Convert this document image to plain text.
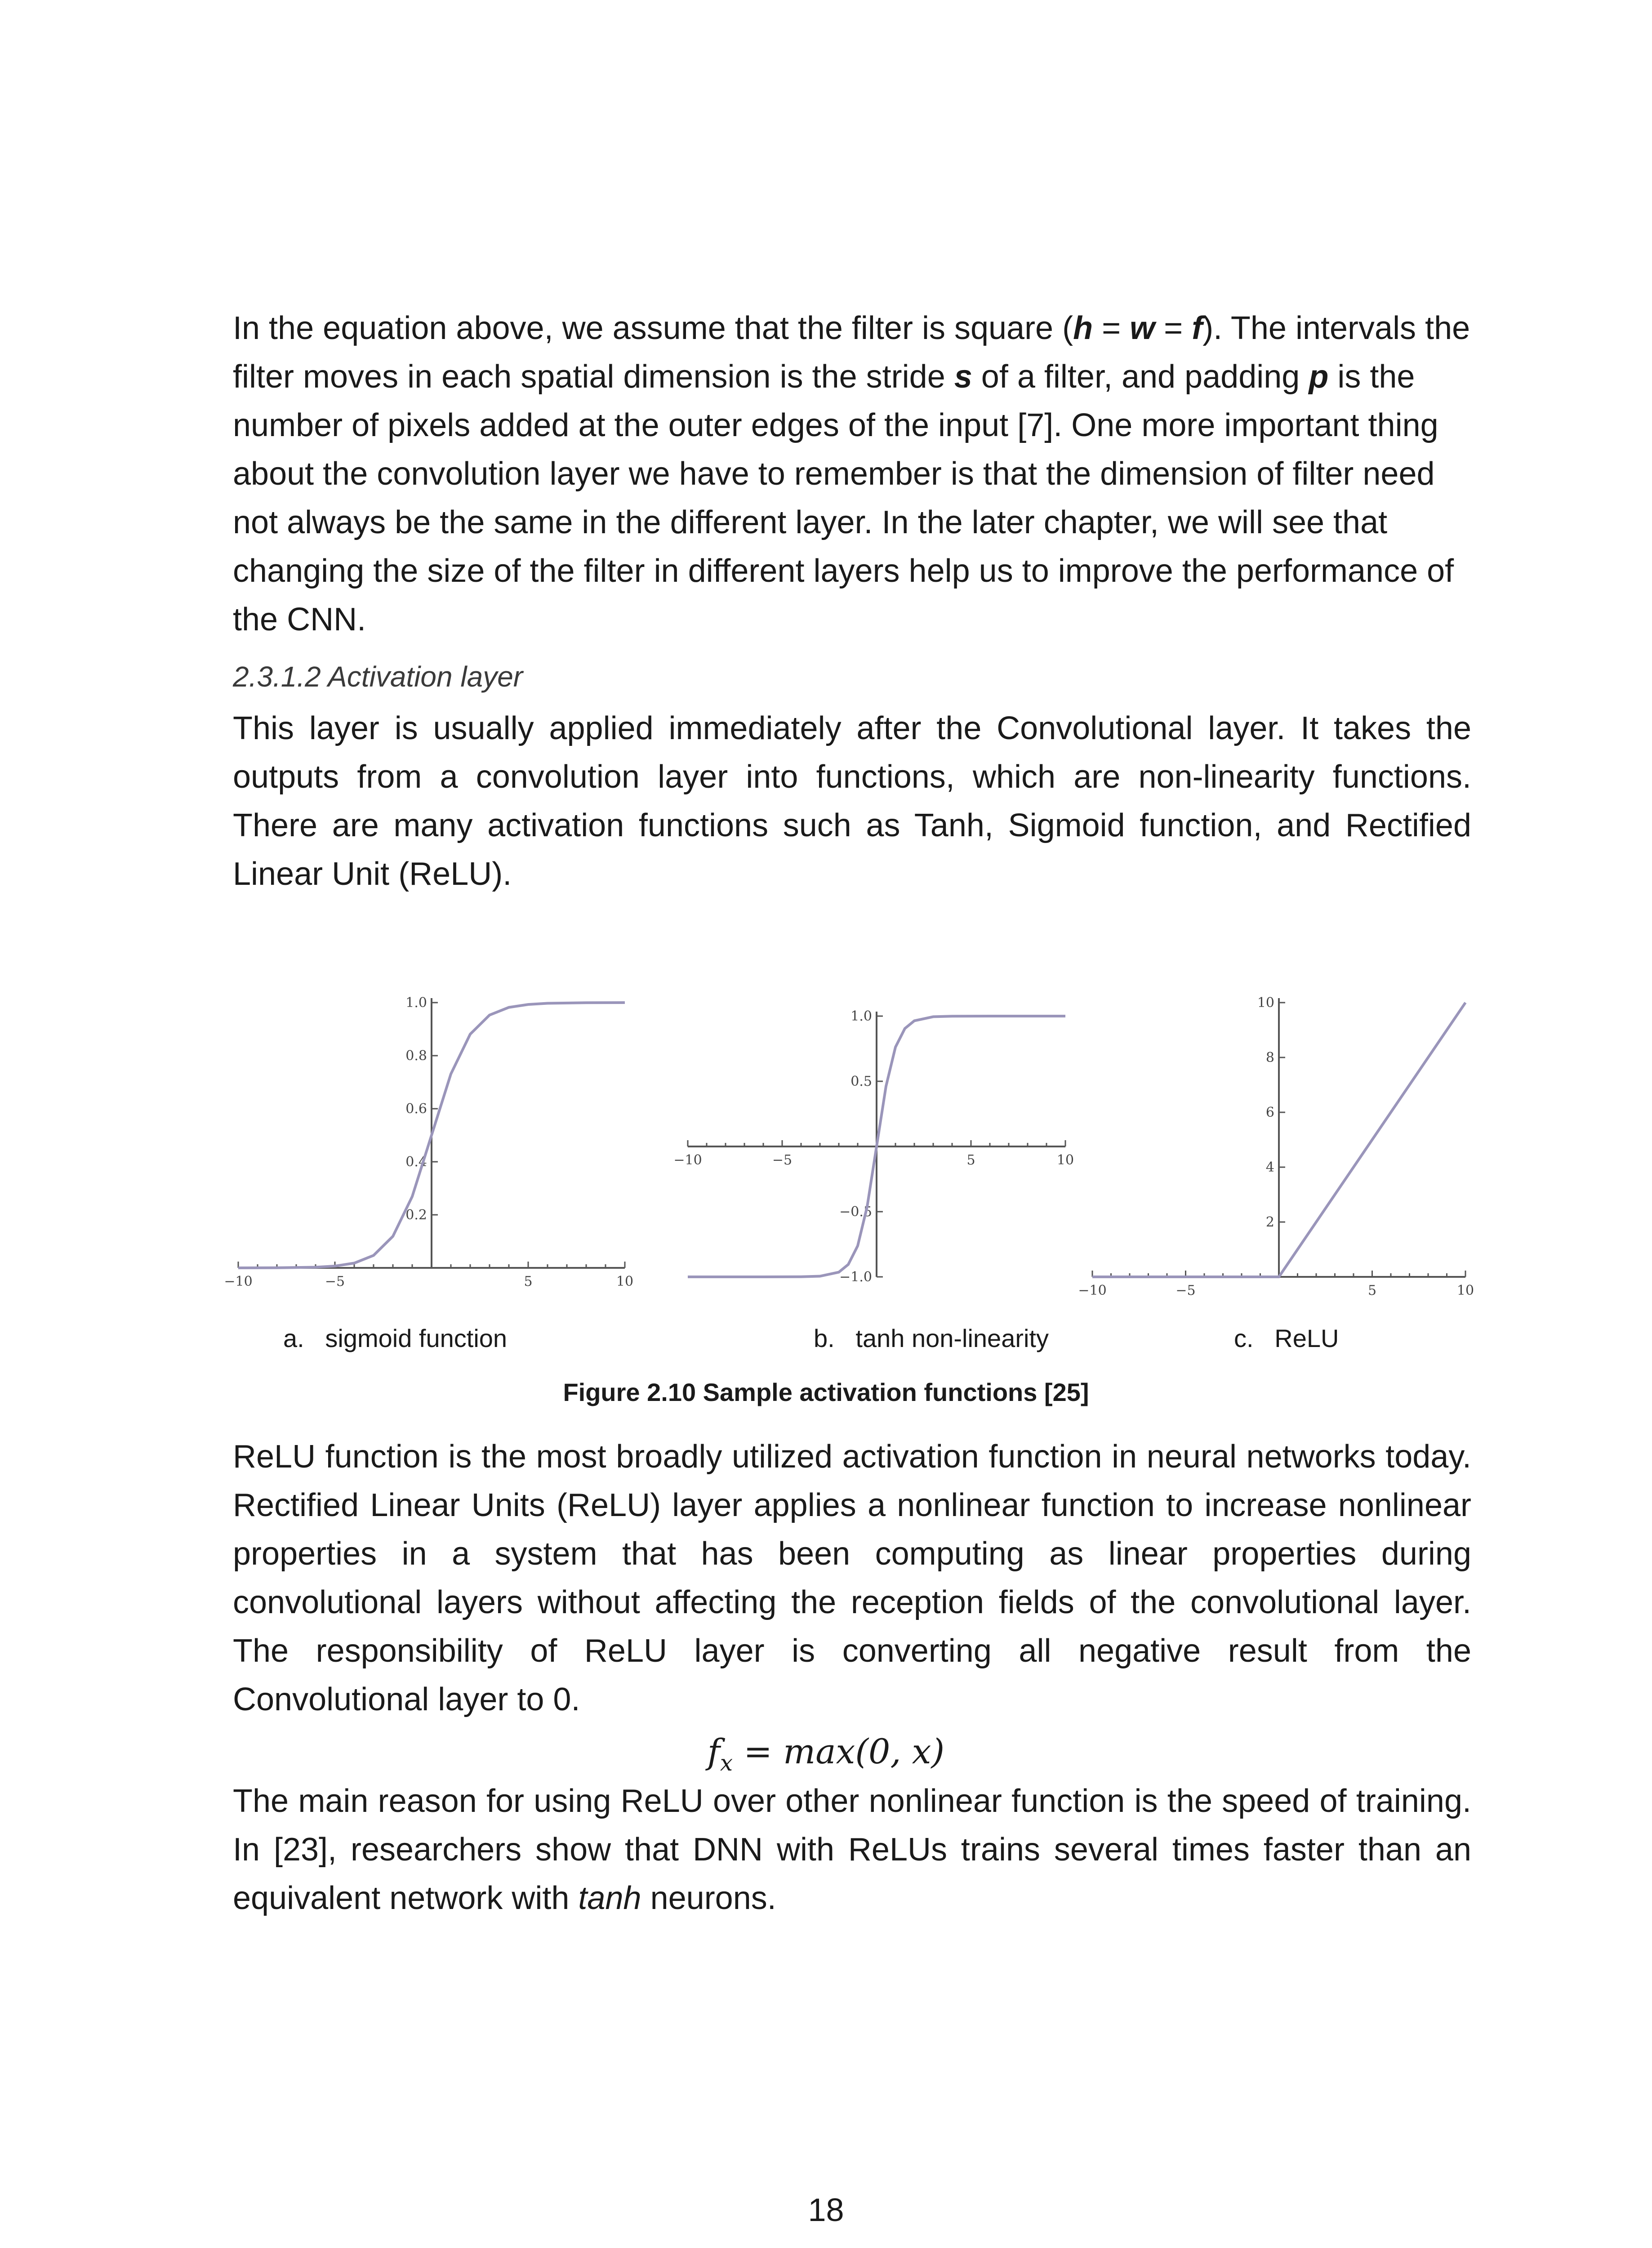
In the equation above, we assume that the filter is square (h = w = f). The intervals the filter moves in each spatial dimension is the stride s of a filter, and padding p is the number of pixels added at the outer edges of the input [7]. One more important thing about the convolution layer we have to remember is that the dimension of filter need not always be the same in the different layer. In the later chapter, we will see that changing the size of the filter in different layers help us to improve the performance of the CNN.

2.3.1.2 Activation layer

This layer is usually applied immediately after the Convolutional layer. It takes the outputs from a convolution layer into functions, which are non-linearity functions. There are many activation functions such as Tanh, Sigmoid function, and Rectified Linear Unit (ReLU).

−10	−5	5	10
0.2
0.4
0.6
0.8
1.0
−10	−5	5	10
−1.0
−0.5
0.5
1.0
−10	−5	5	10
2
4
6
8
10
a. sigmoid function	b. tanh non-linearity	c. ReLU
Figure 2.10 Sample activation functions [25]

ReLU function is the most broadly utilized activation function in neural networks today. Rectified Linear Units (ReLU) layer applies a nonlinear function to increase nonlinear properties in a system that has been computing as linear properties during convolutional layers without affecting the reception fields of the convolutional layer. The responsibility of ReLU layer is converting all negative result from the Convolutional layer to 0.

$f_x = \max(0$, x)

The main reason for using ReLU over other nonlinear function is the speed of training. In [23], researchers show that DNN with ReLUs trains several times faster than an equivalent network with tanh neurons.

18
